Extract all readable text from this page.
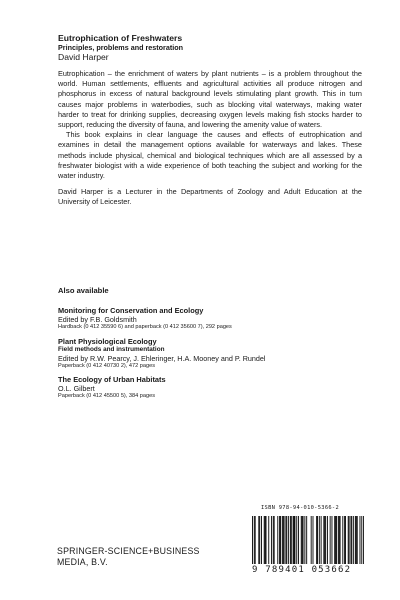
Eutrophication of Freshwaters
Principles, problems and restoration
David Harper

Eutrophication – the enrichment of waters by plant nutrients – is a problem throughout the world. Human settlements, effluents and agricultural activities all produce nitrogen and phosphorus in excess of natural background levels stimulating plant growth. This in turn causes major problems in waterbodies, such as blocking vital waterways, making water harder to treat for drinking supplies, decreasing oxygen levels making fish stocks harder to support, reducing the diversity of fauna, and lowering the amenity value of waters.

This book explains in clear language the causes and effects of eutrophication and examines in detail the management options available for waterways and lakes. These methods include physical, chemical and biological techniques which are all assessed by a freshwater biologist with a wide experience of both teaching the subject and working for the water industry.

David Harper is a Lecturer in the Departments of Zoology and Adult Education at the University of Leicester.

Also available
Monitoring for Conservation and Ecology
Edited by F.B. Goldsmith
Hardback (0 412 35590 6) and paperback (0 412 35600 7), 292 pages
Plant Physiological Ecology
Field methods and instrumentation
Edited by R.W. Pearcy, J. Ehleringer, H.A. Mooney and P. Rundel
Paperback (0 412 40730 2), 472 pages
The Ecology of Urban Habitats
O.L. Gilbert
Paperback (0 412 45500 5), 384 pages
SPRINGER-SCIENCE+BUSINESS
MEDIA, B.V.
ISBN 978-94-010-5366-2
9 789401 053662
